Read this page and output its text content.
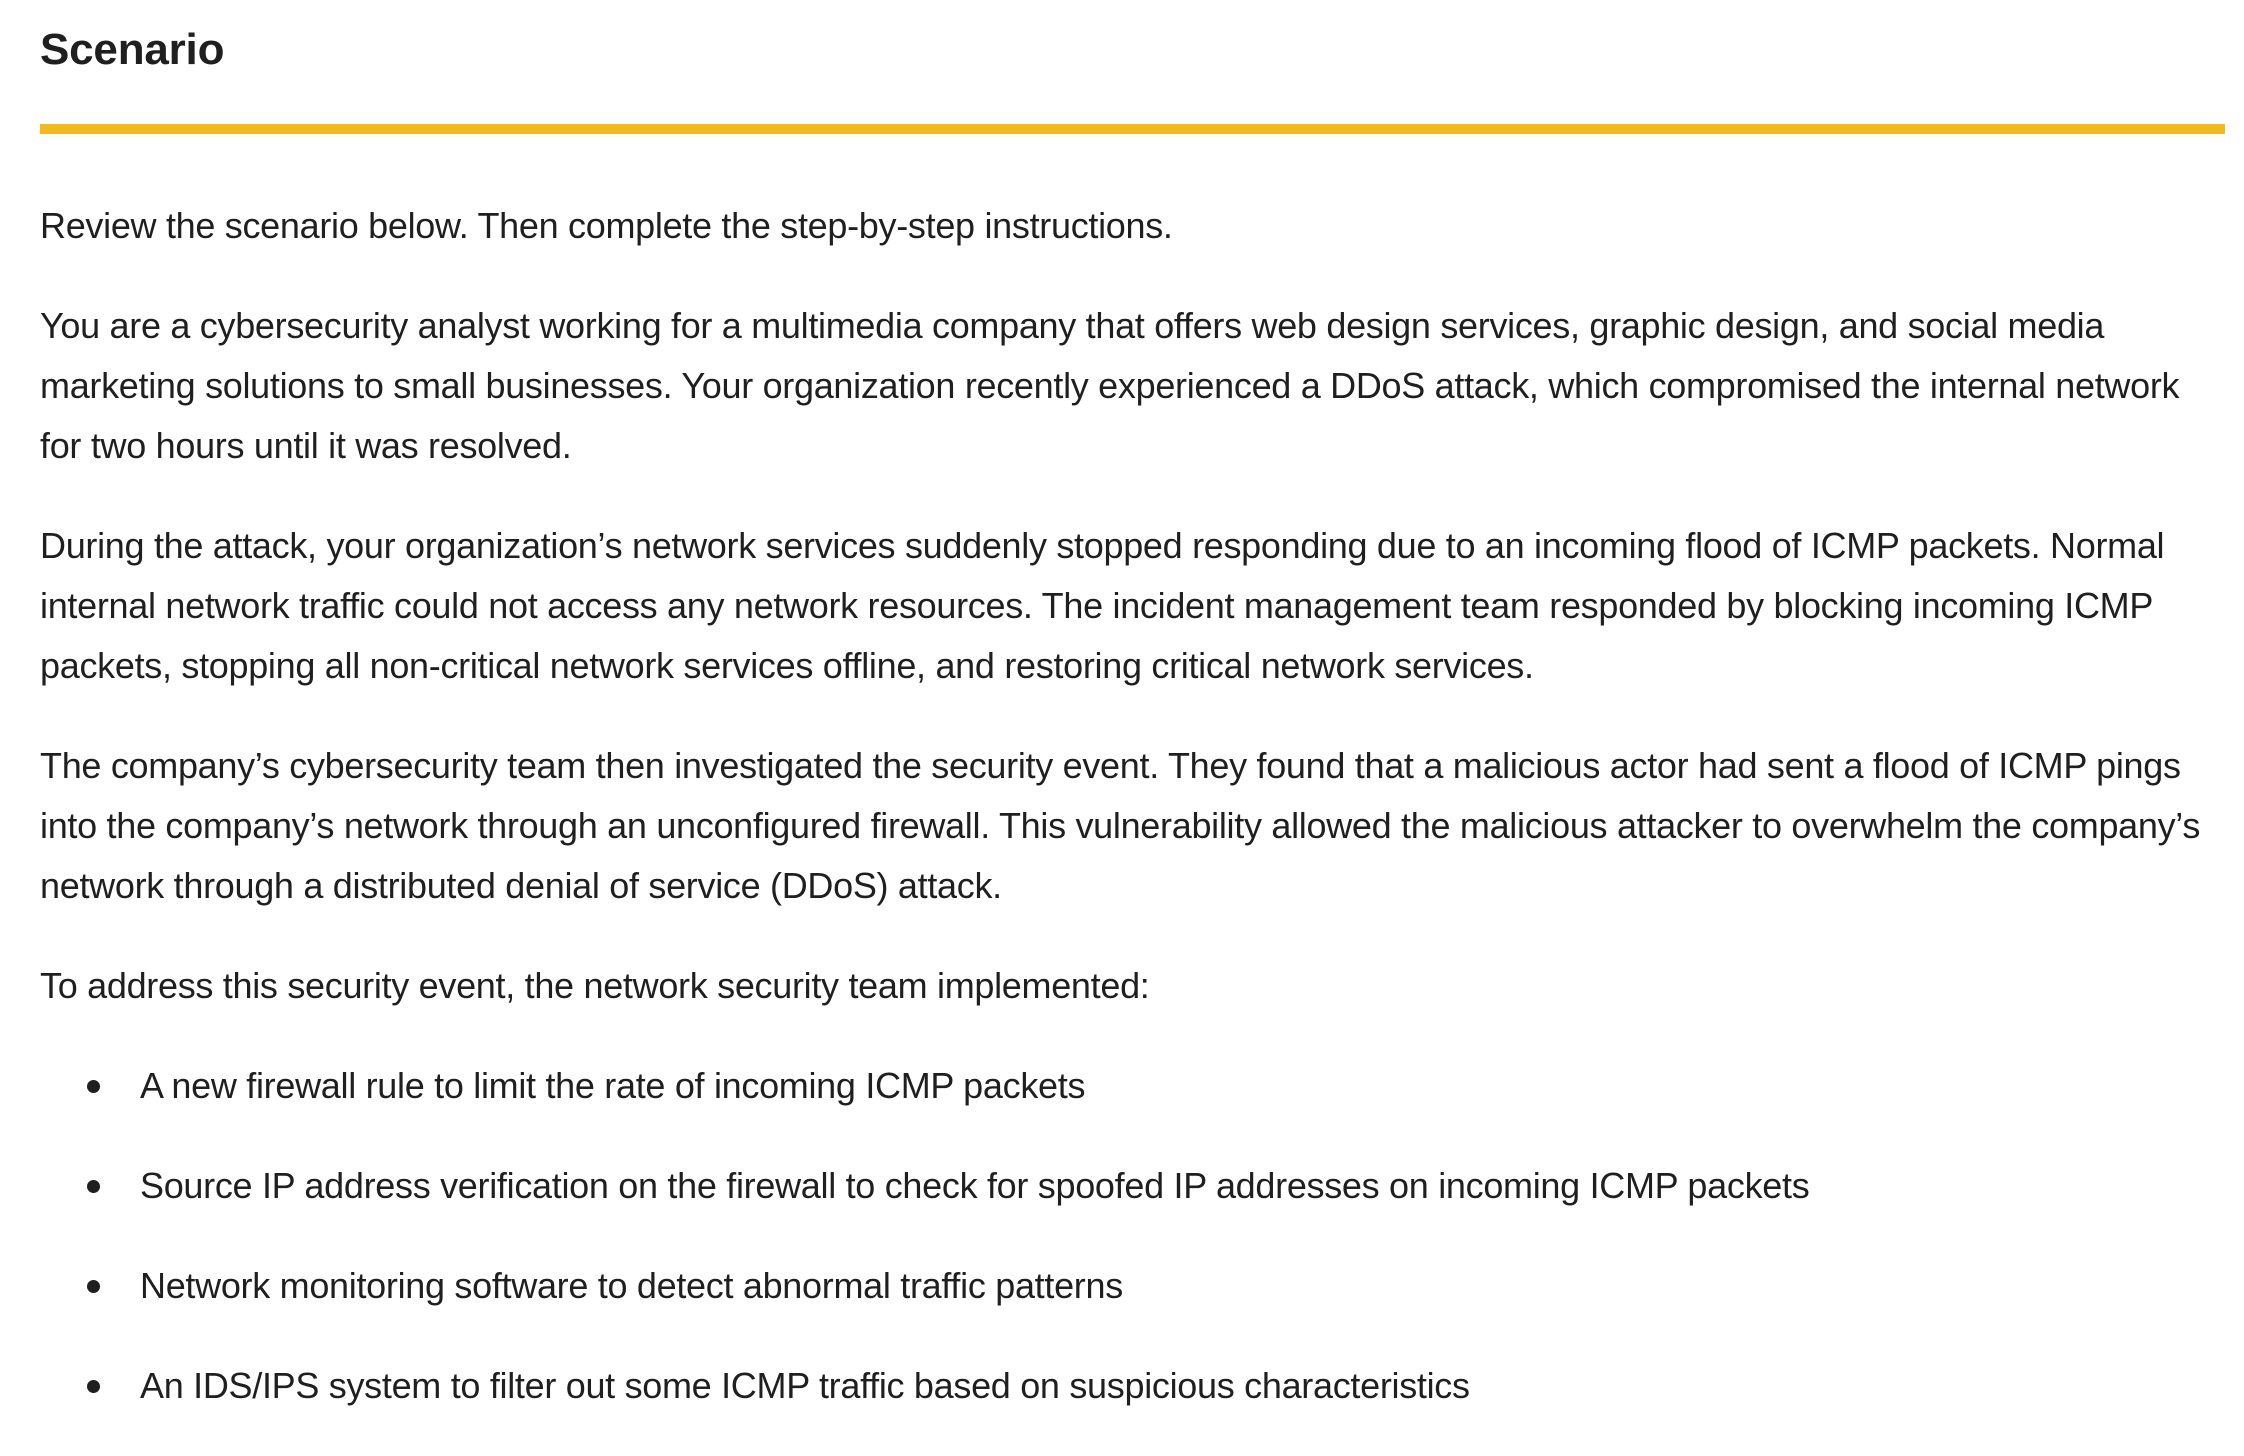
Scenario

Review the scenario below. Then complete the step-by-step instructions.

You are a cybersecurity analyst working for a multimedia company that offers web design services, graphic design, and social media marketing solutions to small businesses. Your organization recently experienced a DDoS attack, which compromised the internal network for two hours until it was resolved.

During the attack, your organization’s network services suddenly stopped responding due to an incoming flood of ICMP packets. Normal internal network traffic could not access any network resources. The incident management team responded by blocking incoming ICMP packets, stopping all non-critical network services offline, and restoring critical network services.

The company’s cybersecurity team then investigated the security event. They found that a malicious actor had sent a flood of ICMP pings into the company’s network through an unconfigured firewall. This vulnerability allowed the malicious attacker to overwhelm the company’s network through a distributed denial of service (DDoS) attack.

To address this security event, the network security team implemented:

A new firewall rule to limit the rate of incoming ICMP packets
Source IP address verification on the firewall to check for spoofed IP addresses on incoming ICMP packets
Network monitoring software to detect abnormal traffic patterns
An IDS/IPS system to filter out some ICMP traffic based on suspicious characteristics
